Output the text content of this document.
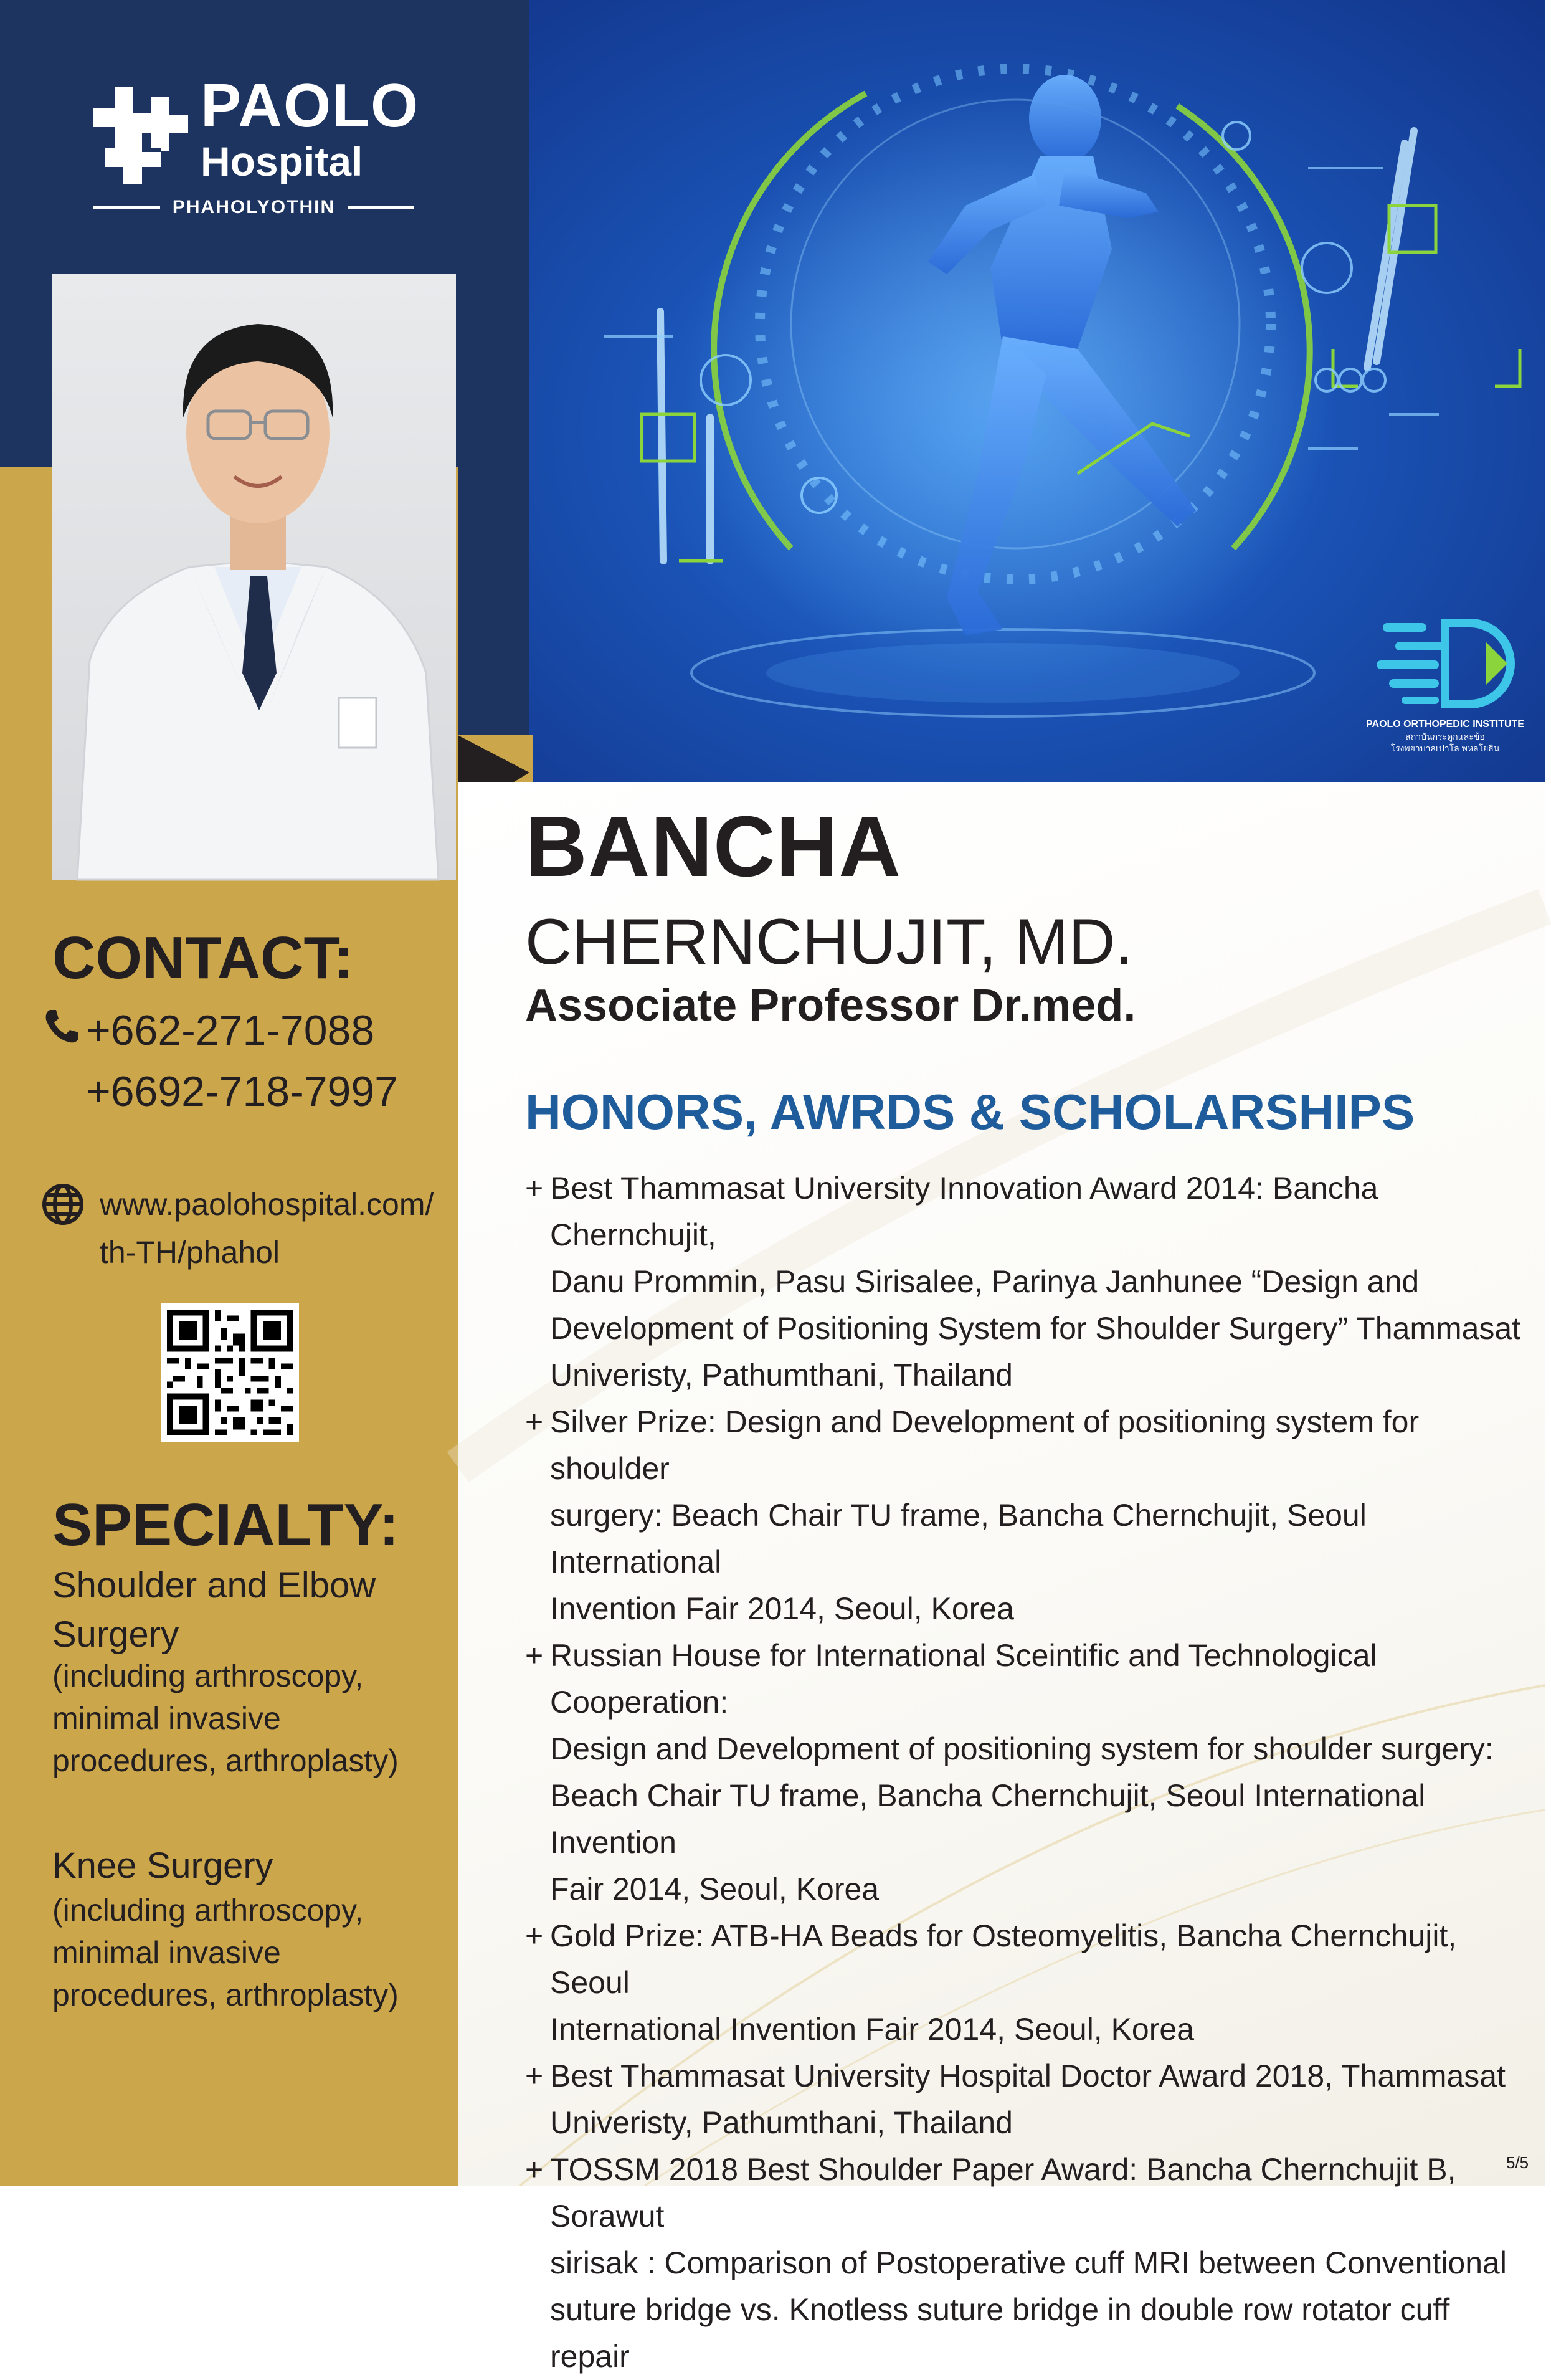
PAOLO ORTHOPEDIC INSTITUTE
สถาบันกระดูกและข้อ
โรงพยาบาลเปาโล พหลโยธิน
PAOLO
Hospital
PHAHOLYOTHIN
CONTACT:
+662-271-7088
+6692-718-7997
www.paolohospital.com/
th-TH/phahol
SPECIALTY:
Shoulder and Elbow
Surgery
(including arthroscopy,
minimal invasive
procedures, arthroplasty)
Knee Surgery
(including arthroscopy,
minimal invasive
procedures, arthroplasty)
BANCHA
CHERNCHUJIT, MD.
Associate Professor Dr.med.
HONORS, AWRDS & SCHOLARSHIPS
+ Best Thammasat University Innovation Award 2014: Bancha Chernchujit,
Danu Prommin, Pasu Sirisalee, Parinya Janhunee “Design and
Development of Positioning System for Shoulder Surgery” Thammasat
Univeristy, Pathumthani, Thailand
+ Silver Prize: Design and Development of positioning system for shoulder
surgery: Beach Chair TU frame, Bancha Chernchujit, Seoul International
Invention Fair 2014, Seoul, Korea
+ Russian House for International Sceintific and Technological Cooperation:
Design and Development of positioning system for shoulder surgery:
Beach Chair TU frame, Bancha Chernchujit, Seoul International Invention
Fair 2014, Seoul, Korea
+ Gold Prize: ATB-HA Beads for Osteomyelitis, Bancha Chernchujit, Seoul
International Invention Fair 2014, Seoul, Korea
+ Best Thammasat University Hospital Doctor Award 2018, Thammasat
Univeristy, Pathumthani, Thailand
+ TOSSM 2018 Best Shoulder Paper Award: Bancha Chernchujit B, Sorawut
sirisak : Comparison of Postoperative cuff MRI between Conventional
suture bridge vs. Knotless suture bridge in double row rotator cuff repair
5/5
